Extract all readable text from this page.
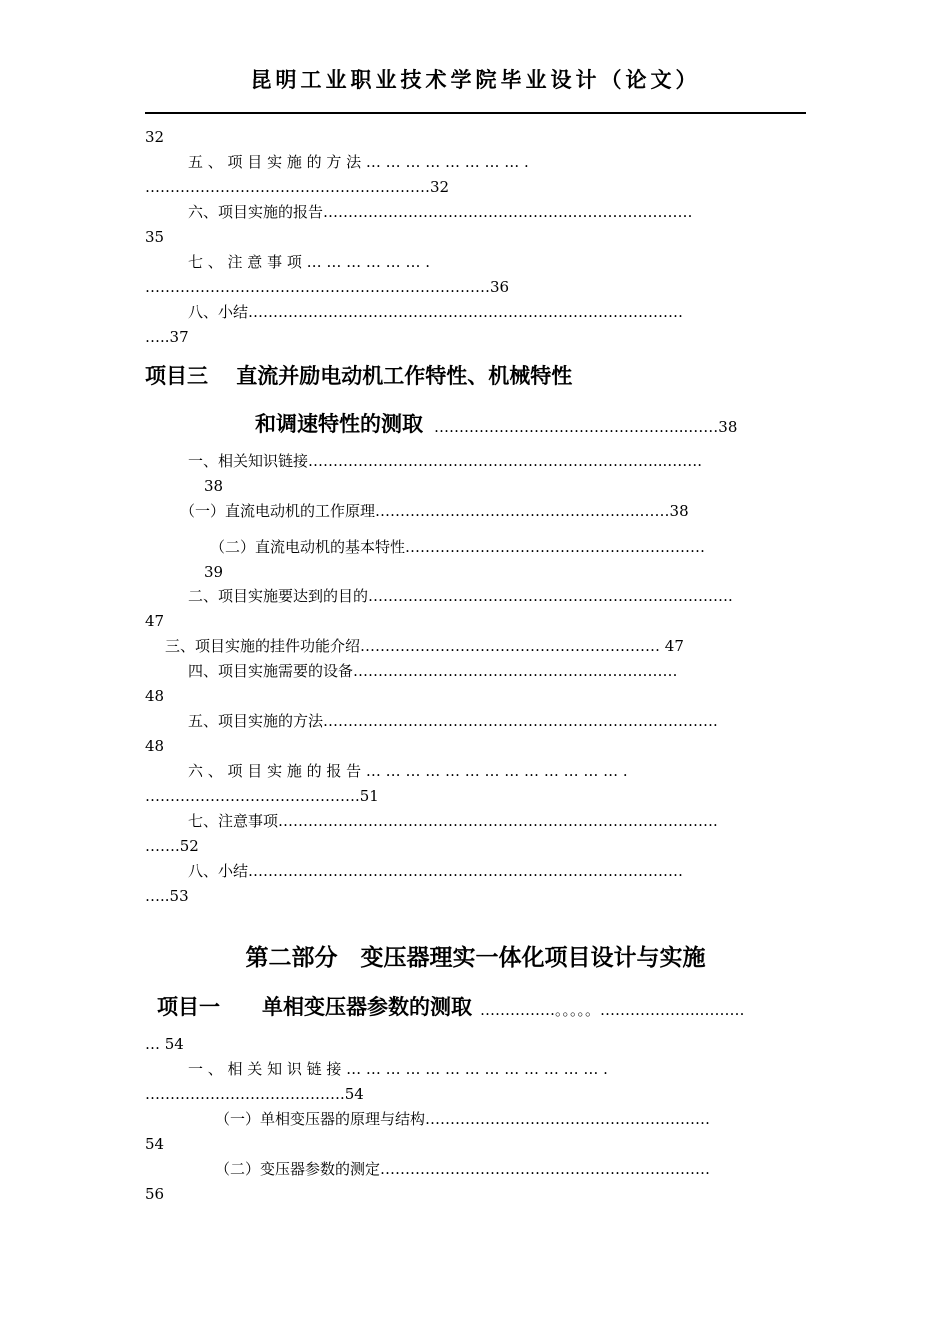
昆明工业职业技术学院毕业设计（论文）
32
五 、 项 目 实 施 的 方 法 … … … … … … … … .
…………………………………………………32
六、项目实施的报告…………………………………………..……………………
35
七 、 注 意 事 项 … … … … … … .
……………………………………………………………36
八、小结……………………………………………………………………………
…..37
项目三　 直流并励电动机工作特性、机械特性
和调速特性的测取 …………………………………………...……38
一、相关知识链接……………………………………………………………...…….
38
（一）直流电动机的工作原理……………………………………………..……38
（二）直流电动机的基本特性……………………………………………………
39
二、项目实施要达到的目的……………………………………………………………….
47
三、项目实施的挂件功能介绍…………………………………………………… 47
四、项目实施需要的设备…………………………………………..……………
48
五、项目实施的方法…………………………………………………………………….
48
六 、 项 目 实 施 的 报 告 … … … … … … … … … … … … … .
…………………………………….51
七、注意事项…………………………………………………………………………….
…….52
八、小结……………………………………………………………………………
…..53
第二部分　变压器理实一体化项目设计与实施
项目一　　单相变压器参数的测取 ……………。。。。。………………..………
… 54
一 、 相 关 知 识 链 接 … … … … … … … … … … … … … .
………………………………….54
（一）单相变压器的原理与结构…………………………………………………
54
（二）变压器参数的测定…………………………………………………………
56
